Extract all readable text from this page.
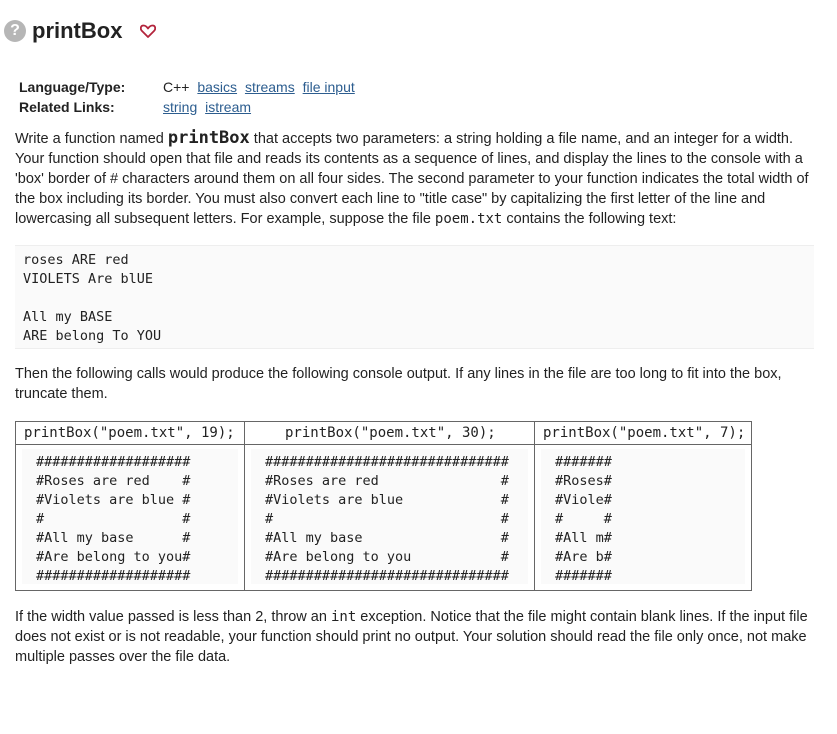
? printBox
Language/Type:	C++ basics streams file input
Related Links:	string istream
Write a function named printBox that accepts two parameters: a string holding a file name, and an integer for a width. Your function should open that file and reads its contents as a sequence of lines, and display the lines to the console with a 'box' border of # characters around them on all four sides. The second parameter to your function indicates the total width of the box including its border. You must also convert each line to "title case" by capitalizing the first letter of the line and lowercasing all subsequent letters. For example, suppose the file poem.txt contains the following text:
roses ARE red
VIOLETS Are blUE

All my BASE
ARE belong To YOU
Then the following calls would produce the following console output. If any lines in the file are too long to fit into the box, truncate them.
printBox("poem.txt", 19);
###################
#Roses are red    #
#Violets are blue #
#                 #
#All my base      #
#Are belong to you#
###################
printBox("poem.txt", 30);
##############################
#Roses are red               #
#Violets are blue            #
#                            #
#All my base                 #
#Are belong to you           #
##############################
printBox("poem.txt", 7);
#######
#Roses#
#Viole#
#     #
#All m#
#Are b#
#######
If the width value passed is less than 2, throw an int exception. Notice that the file might contain blank lines. If the input file does not exist or is not readable, your function should print no output. Your solution should read the file only once, not make multiple passes over the file data.
